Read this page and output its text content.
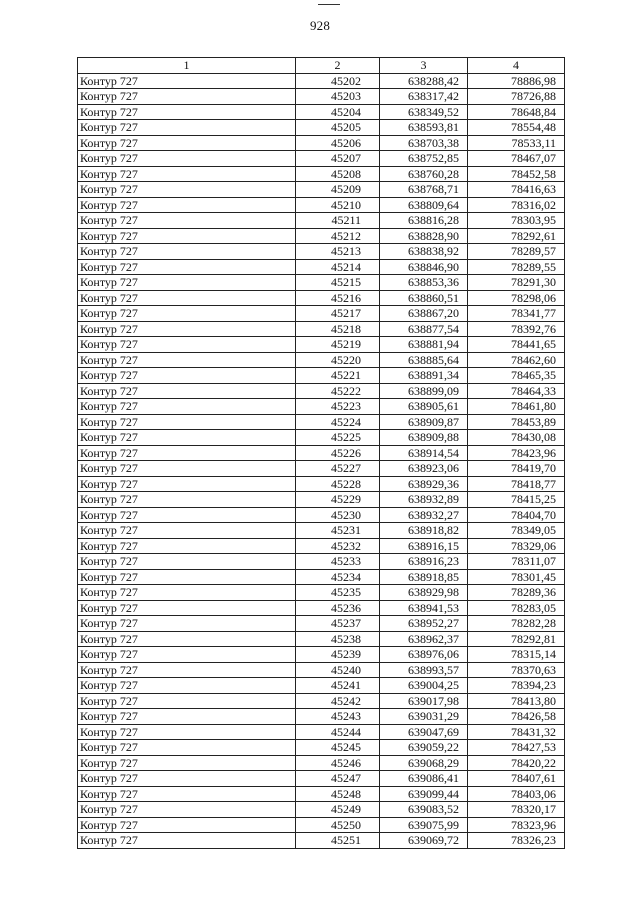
928
1	2	3	4
Контур 727	45202	638288,42	78886,98
Контур 727	45203	638317,42	78726,88
Контур 727	45204	638349,52	78648,84
Контур 727	45205	638593,81	78554,48
Контур 727	45206	638703,38	78533,11
Контур 727	45207	638752,85	78467,07
Контур 727	45208	638760,28	78452,58
Контур 727	45209	638768,71	78416,63
Контур 727	45210	638809,64	78316,02
Контур 727	45211	638816,28	78303,95
Контур 727	45212	638828,90	78292,61
Контур 727	45213	638838,92	78289,57
Контур 727	45214	638846,90	78289,55
Контур 727	45215	638853,36	78291,30
Контур 727	45216	638860,51	78298,06
Контур 727	45217	638867,20	78341,77
Контур 727	45218	638877,54	78392,76
Контур 727	45219	638881,94	78441,65
Контур 727	45220	638885,64	78462,60
Контур 727	45221	638891,34	78465,35
Контур 727	45222	638899,09	78464,33
Контур 727	45223	638905,61	78461,80
Контур 727	45224	638909,87	78453,89
Контур 727	45225	638909,88	78430,08
Контур 727	45226	638914,54	78423,96
Контур 727	45227	638923,06	78419,70
Контур 727	45228	638929,36	78418,77
Контур 727	45229	638932,89	78415,25
Контур 727	45230	638932,27	78404,70
Контур 727	45231	638918,82	78349,05
Контур 727	45232	638916,15	78329,06
Контур 727	45233	638916,23	78311,07
Контур 727	45234	638918,85	78301,45
Контур 727	45235	638929,98	78289,36
Контур 727	45236	638941,53	78283,05
Контур 727	45237	638952,27	78282,28
Контур 727	45238	638962,37	78292,81
Контур 727	45239	638976,06	78315,14
Контур 727	45240	638993,57	78370,63
Контур 727	45241	639004,25	78394,23
Контур 727	45242	639017,98	78413,80
Контур 727	45243	639031,29	78426,58
Контур 727	45244	639047,69	78431,32
Контур 727	45245	639059,22	78427,53
Контур 727	45246	639068,29	78420,22
Контур 727	45247	639086,41	78407,61
Контур 727	45248	639099,44	78403,06
Контур 727	45249	639083,52	78320,17
Контур 727	45250	639075,99	78323,96
Контур 727	45251	639069,72	78326,23
